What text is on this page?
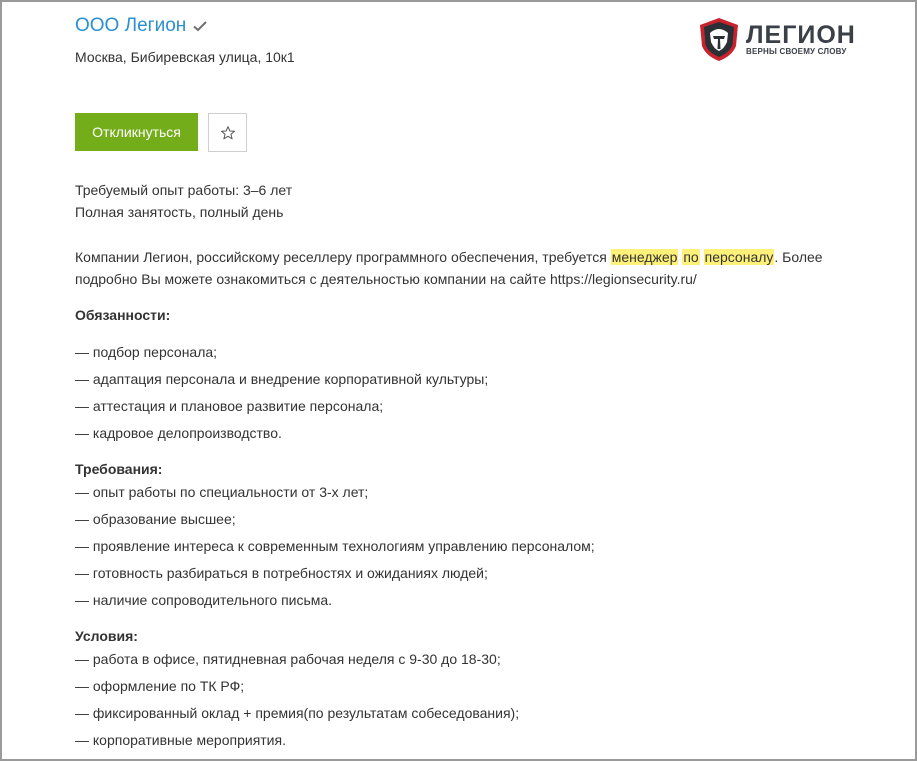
ООО Легион
Москва, Бибиревская улица, 10к1
ЛЕГИОН
ВЕРНЫ СВОЕМУ СЛОВУ
Откликнуться
Требуемый опыт работы: 3–6 лет
Полная занятость, полный день
Компании Легион, российскому реселлеру программного обеспечения, требуется менеджер по персоналу. Более подробно Вы можете ознакомиться с деятельностью компании на сайте https://legionsecurity.ru/
Обязанности:
— подбор персонала;
— адаптация персонала и внедрение корпоративной культуры;
— аттестация и плановое развитие персонала;
— кадровое делопроизводство.
Требования:
— опыт работы по специальности от 3-х лет;
— образование высшее;
— проявление интереса к современным технологиям управлению персоналом;
— готовность разбираться в потребностях и ожиданиях людей;
— наличие сопроводительного письма.
Условия:
— работа в офисе, пятидневная рабочая неделя с 9-30 до 18-30;
— оформление по ТК РФ;
— фиксированный оклад + премия(по результатам собеседования);
— корпоративные мероприятия.
